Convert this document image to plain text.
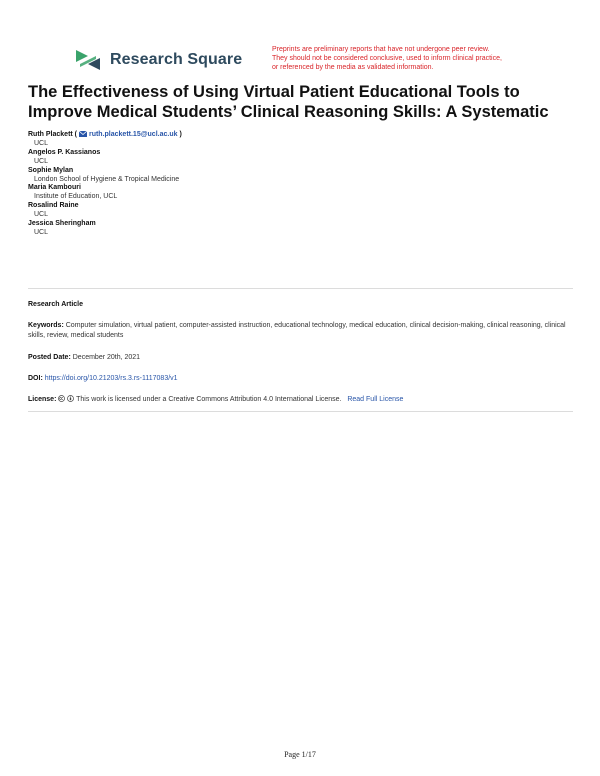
Research Square
Preprints are preliminary reports that have not undergone peer review.
They should not be considered conclusive, used to inform clinical practice,
or referenced by the media as validated information.
The Effectiveness of Using Virtual Patient Educational Tools to Improve Medical Students’ Clinical Reasoning Skills: A Systematic
Ruth Plackett ( ruth.plackett.15@ucl.ac.uk )
UCL
Angelos P. Kassianos
UCL
Sophie Mylan
London School of Hygiene & Tropical Medicine
Maria Kambouri
Institute of Education, UCL
Rosalind Raine
UCL
Jessica Sheringham
UCL
Research Article
Keywords: Computer simulation, virtual patient, computer-assisted instruction, educational technology, medical education, clinical decision-making, clinical reasoning, clinical skills, review, medical students
Posted Date: December 20th, 2021
DOI: https://doi.org/10.21203/rs.3.rs-1117083/v1
License:	This work is licensed under a Creative Commons Attribution 4.0 International License. Read Full License
Page 1/17
